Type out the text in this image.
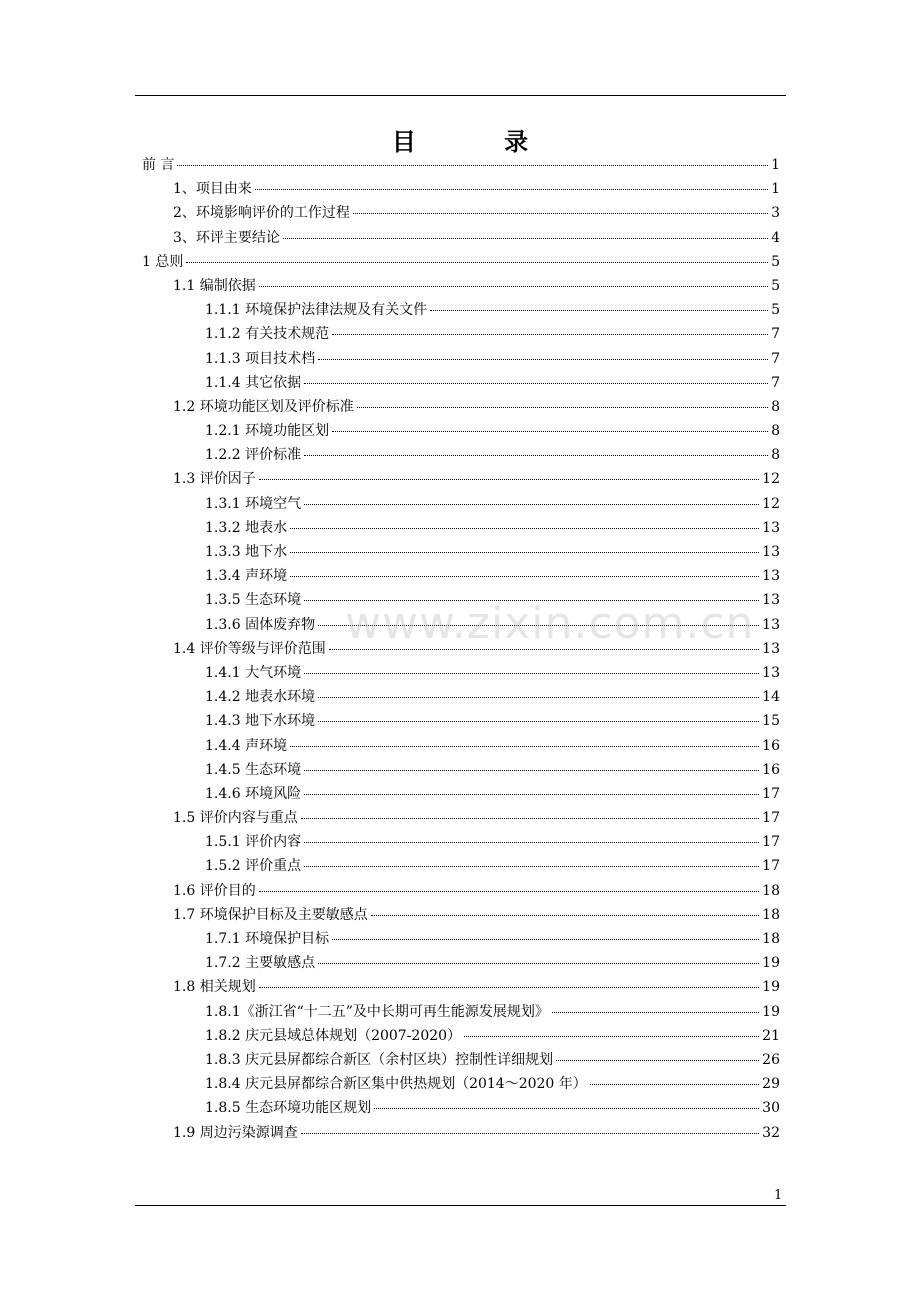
目 录
前 言	1
1、项目由来	1
2、环境影响评价的工作过程	3
3、环评主要结论	4
1 总则	5
1.1 编制依据	5
1.1.1 环境保护法律法规及有关文件	5
1.1.2 有关技术规范	7
1.1.3 项目技术档	7
1.1.4 其它依据	7
1.2 环境功能区划及评价标准	8
1.2.1 环境功能区划	8
1.2.2 评价标准	8
1.3 评价因子	12
1.3.1 环境空气	12
1.3.2 地表水	13
1.3.3 地下水	13
1.3.4 声环境	13
1.3.5 生态环境	13
1.3.6 固体废弃物	13
1.4 评价等级与评价范围	13
1.4.1 大气环境	13
1.4.2 地表水环境	14
1.4.3 地下水环境	15
1.4.4 声环境	16
1.4.5 生态环境	16
1.4.6 环境风险	17
1.5 评价内容与重点	17
1.5.1 评价内容	17
1.5.2 评价重点	17
1.6 评价目的	18
1.7 环境保护目标及主要敏感点	18
1.7.1 环境保护目标	18
1.7.2 主要敏感点	19
1.8 相关规划	19
1.8.1《浙江省“十二五”及中长期可再生能源发展规划》	19
1.8.2 庆元县域总体规划（2007-2020）	21
1.8.3 庆元县屏都综合新区（余村区块）控制性详细规划	26
1.8.4 庆元县屏都综合新区集中供热规划（2014～2020 年）	29
1.8.5 生态环境功能区规划	30
1.9 周边污染源调查	32
www.zixin.com.cn
1
